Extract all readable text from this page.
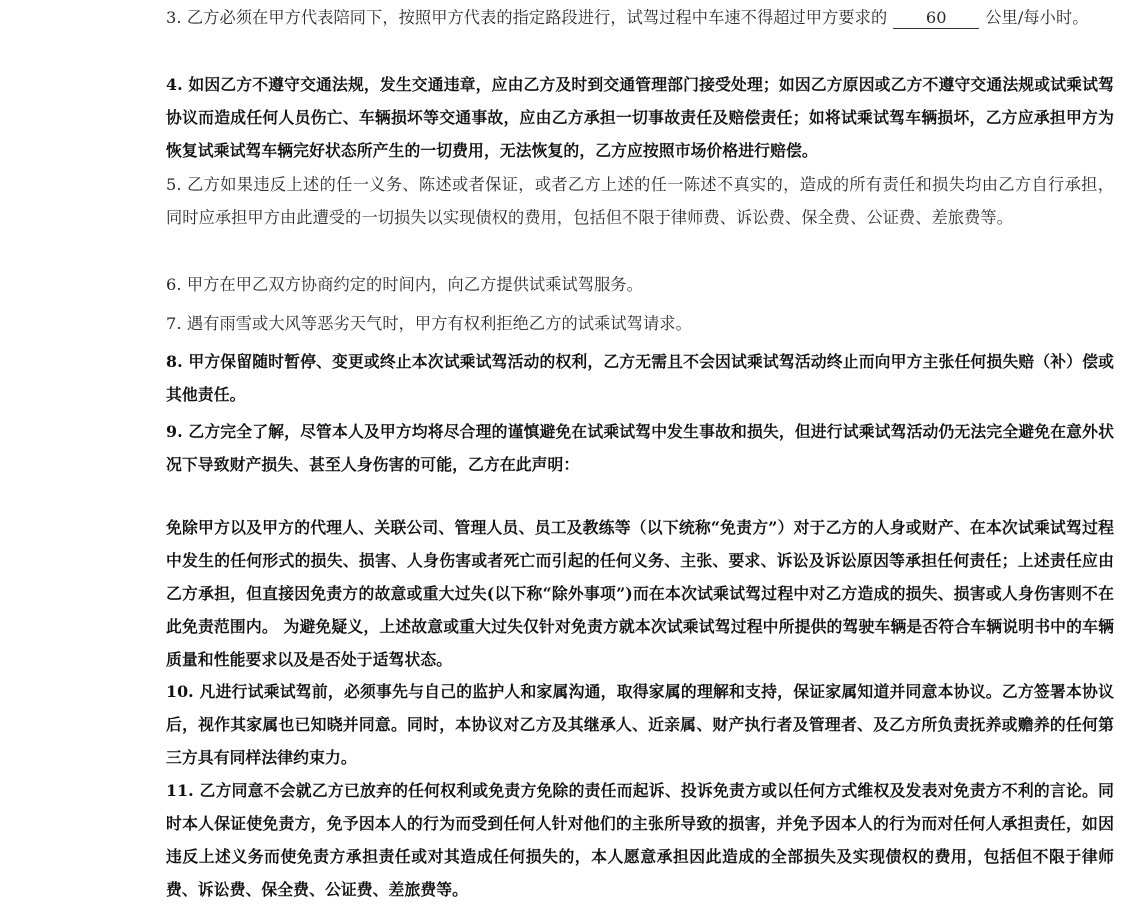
3. 乙方必须在甲方代表陪同下，按照甲方代表的指定路段进行，试驾过程中车速不得超过甲方要求的 60 公里/每小时。

4. 如因乙方不遵守交通法规，发生交通违章，应由乙方及时到交通管理部门接受处理；如因乙方原因或乙方不遵守交通法规或试乘试驾协议而造成任何人员伤亡、车辆损坏等交通事故，应由乙方承担一切事故责任及赔偿责任；如将试乘试驾车辆损坏，乙方应承担甲方为恢复试乘试驾车辆完好状态所产生的一切费用，无法恢复的，乙方应按照市场价格进行赔偿。

5. 乙方如果违反上述的任一义务、陈述或者保证，或者乙方上述的任一陈述不真实的，造成的所有责任和损失均由乙方自行承担，同时应承担甲方由此遭受的一切损失以实现债权的费用，包括但不限于律师费、诉讼费、保全费、公证费、差旅费等。

6. 甲方在甲乙双方协商约定的时间内，向乙方提供试乘试驾服务。

7. 遇有雨雪或大风等恶劣天气时，甲方有权利拒绝乙方的试乘试驾请求。

8. 甲方保留随时暂停、变更或终止本次试乘试驾活动的权利，乙方无需且不会因试乘试驾活动终止而向甲方主张任何损失赔（补）偿或其他责任。

9. 乙方完全了解，尽管本人及甲方均将尽合理的谨慎避免在试乘试驾中发生事故和损失，但进行试乘试驾活动仍无法完全避免在意外状况下导致财产损失、甚至人身伤害的可能，乙方在此声明：

免除甲方以及甲方的代理人、关联公司、管理人员、员工及教练等（以下统称“免责方”）对于乙方的人身或财产、在本次试乘试驾过程中发生的任何形式的损失、损害、人身伤害或者死亡而引起的任何义务、主张、要求、诉讼及诉讼原因等承担任何责任；上述责任应由乙方承担，但直接因免责方的故意或重大过失(以下称“除外事项”)而在本次试乘试驾过程中对乙方造成的损失、损害或人身伤害则不在此免责范围内。 为避免疑义，上述故意或重大过失仅针对免责方就本次试乘试驾过程中所提供的驾驶车辆是否符合车辆说明书中的车辆质量和性能要求以及是否处于适驾状态。

10. 凡进行试乘试驾前，必须事先与自己的监护人和家属沟通，取得家属的理解和支持，保证家属知道并同意本协议。乙方签署本协议后，视作其家属也已知晓并同意。同时，本协议对乙方及其继承人、近亲属、财产执行者及管理者、及乙方所负责抚养或赡养的任何第三方具有同样法律约束力。

11. 乙方同意不会就乙方已放弃的任何权利或免责方免除的责任而起诉、投诉免责方或以任何方式维权及发表对免责方不利的言论。同时本人保证使免责方，免予因本人的行为而受到任何人针对他们的主张所导致的损害，并免予因本人的行为而对任何人承担责任，如因违反上述义务而使免责方承担责任或对其造成任何损失的，本人愿意承担因此造成的全部损失及实现债权的费用，包括但不限于律师费、诉讼费、保全费、公证费、差旅费等。
